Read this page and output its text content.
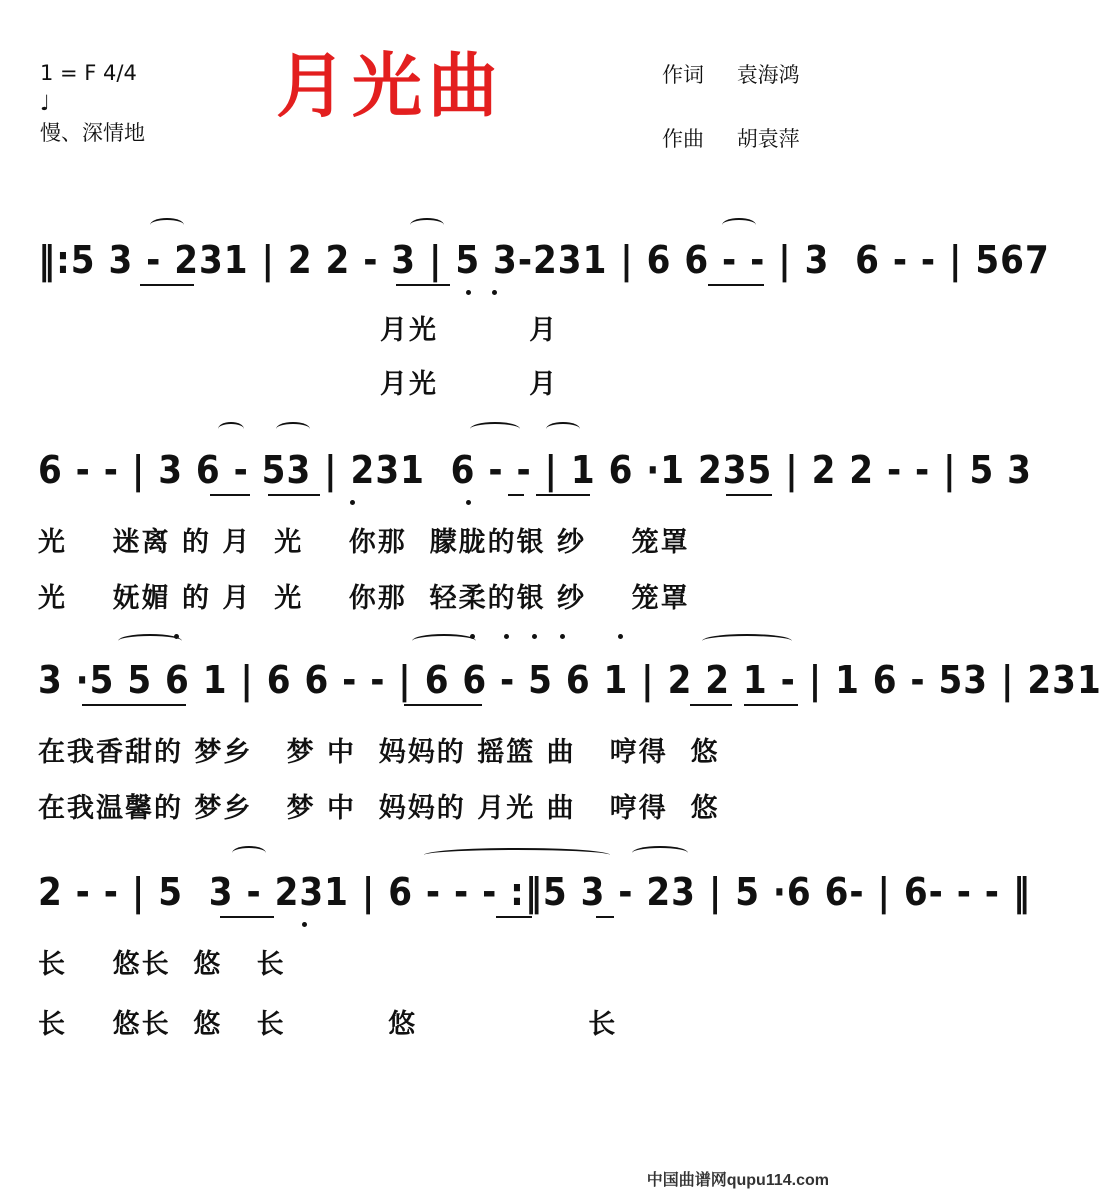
1 = F 4/4
♩
慢、深情地
月光曲	作词 袁海鸿
作曲 胡袁萍
‖:5 3 - 231 | 2 2 - 3 | 5 3-231 | 6 6 - - | 3  6 - - | 567
月光        月
月光        月
6 - - | 3 6 - 53 | 231  6 - - | 1 6 ·1 235 | 2 2 - - | 5 3
光    迷离 的 月  光    你那  朦胧的银 纱    笼罩
光    妩媚 的 月  光    你那  轻柔的银 纱    笼罩
3 ·5 5 6 1 | 6 6 - - | 6 6 - 5 6 1 | 2 2 1 - | 1 6 - 53 | 231
在我香甜的 梦乡   梦 中  妈妈的 摇篮 曲   哼得  悠
在我温馨的 梦乡   梦 中  妈妈的 月光 曲   哼得  悠
2 - - | 5  3 - 231 | 6 - - - :‖5 3 - 23 | 5 ·6 6- | 6- - - ‖
长    悠长  悠   长
长    悠长  悠   长         悠               长
中国曲谱网qupu114.com
